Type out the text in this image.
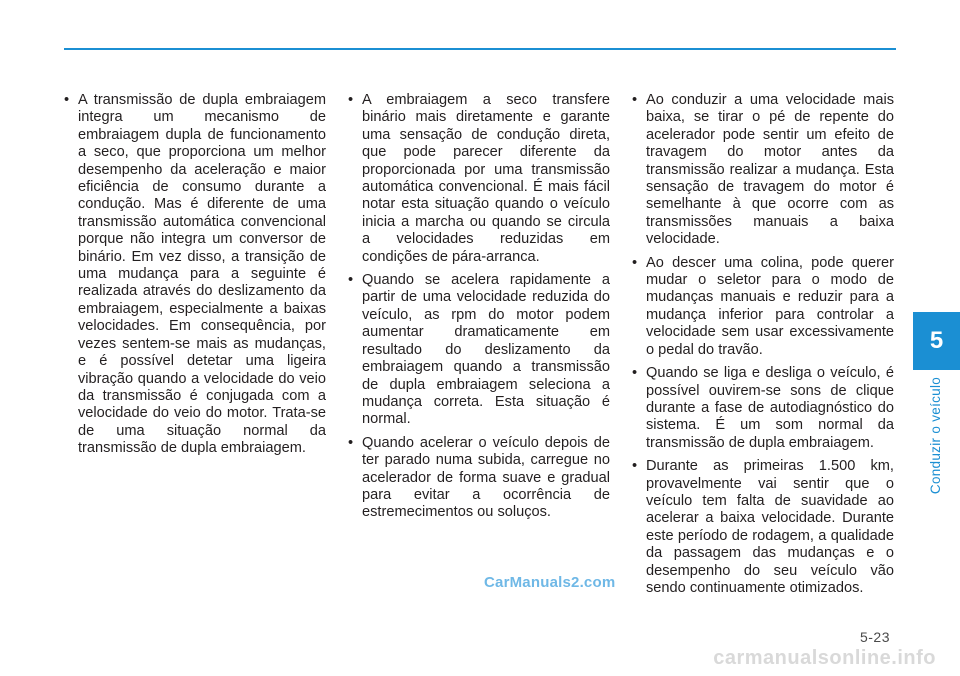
5
Conduzir o veículo
• A transmissão de dupla embraiagem integra um mecanismo de embraiagem dupla de funcionamento a seco, que proporciona um melhor desempenho da aceleração e maior eficiência de consumo durante a condução. Mas é diferente de uma transmissão automática convencional porque não integra um conversor de binário. Em vez disso, a transição de uma mudança para a seguinte é realizada através do deslizamento da embraiagem, especialmente a baixas velocidades. Em consequência, por vezes sentem-se mais as mudanças, e é possível detetar uma ligeira vibração quando a velocidade do veio da transmissão é conjugada com a velocidade do veio do motor. Trata-se de uma situação normal da transmissão de dupla embraiagem.
• A embraiagem a seco transfere binário mais diretamente e garante uma sensação de condução direta, que pode parecer diferente da proporcionada por uma transmissão automática convencional. É mais fácil notar esta situação quando o veículo inicia a marcha ou quando se circula a velocidades reduzidas em condições de pára-arranca.
• Quando se acelera rapidamente a partir de uma velocidade reduzida do veículo, as rpm do motor podem aumentar dramaticamente em resultado do deslizamento da embraiagem quando a transmissão de dupla embraiagem seleciona a mudança correta. Esta situação é normal.
• Quando acelerar o veículo depois de ter parado numa subida, carregue no acelerador de forma suave e gradual para evitar a ocorrência de estremecimentos ou soluços.
• Ao conduzir a uma velocidade mais baixa, se tirar o pé de repente do acelerador pode sentir um efeito de travagem do motor antes da transmissão realizar a mudança. Esta sensação de travagem do motor é semelhante à que ocorre com as transmissões manuais a baixa velocidade.
• Ao descer uma colina, pode querer mudar o seletor para o modo de mudanças manuais e reduzir para a mudança inferior para controlar a velocidade sem usar excessivamente o pedal do travão.
• Quando se liga e desliga o veículo, é possível ouvirem-se sons de clique durante a fase de autodiagnóstico do sistema. É um som normal da transmissão de dupla embraiagem.
• Durante as primeiras 1.500 km, provavelmente vai sentir que o veículo tem falta de suavidade ao acelerar a baixa velocidade. Durante este período de rodagem, a qualidade da passagem das mudanças e o desempenho do seu veículo vão sendo continuamente otimizados.
CarManuals2.com
5-23
carmanualsonline.info
